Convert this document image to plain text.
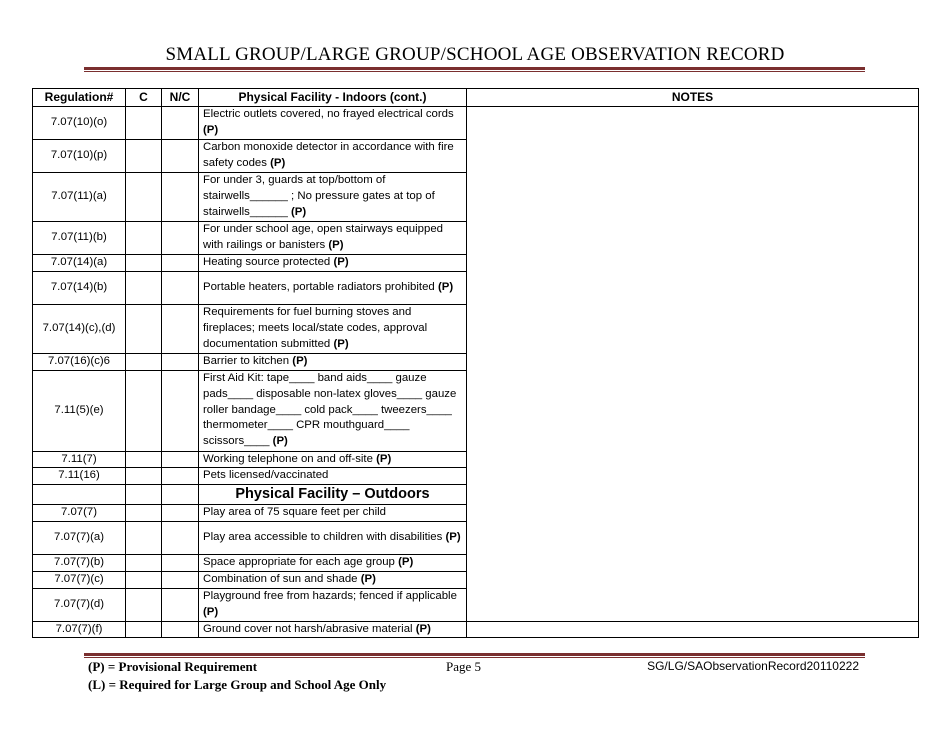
SMALL GROUP/LARGE GROUP/SCHOOL AGE OBSERVATION RECORD
Regulation#	C	N/C	Physical Facility - Indoors (cont.)	NOTES
7.07(10)(o)			Electric outlets covered, no frayed electrical cords (P)	
7.07(10)(p)			Carbon monoxide detector in accordance with fire safety codes (P)	
7.07(11)(a)			For under 3, guards at top/bottom of stairwells______ ; No pressure gates at top of stairwells______ (P)	
7.07(11)(b)			For under school age, open stairways equipped with railings or banisters (P)	
7.07(14)(a)			Heating source protected (P)	
7.07(14)(b)			Portable heaters, portable radiators prohibited (P)	
7.07(14)(c),(d)			Requirements for fuel burning stoves and fireplaces; meets local/state codes, approval documentation submitted (P)	
7.07(16)(c)6			Barrier to kitchen (P)	
7.11(5)(e)			First Aid Kit: tape____ band aids____ gauze pads____ disposable non-latex gloves____ gauze roller bandage____ cold pack____ tweezers____ thermometer____ CPR mouthguard____ scissors____ (P)	
7.11(7)			Working telephone on and off-site (P)	
7.11(16)			Pets licensed/vaccinated	
			Physical Facility – Outdoors	
7.07(7)			Play area of 75 square feet per child	
7.07(7)(a)			Play area accessible to children with disabilities (P)	
7.07(7)(b)			Space appropriate for each age group (P)	
7.07(7)(c)			Combination of sun and shade (P)	
7.07(7)(d)			Playground free from hazards; fenced if applicable (P)	
7.07(7)(f)			Ground cover not harsh/abrasive material (P)	
(P) = Provisional Requirement
(L) = Required for Large Group and School Age Only
Page 5	SG/LG/SAObservationRecord20110222
